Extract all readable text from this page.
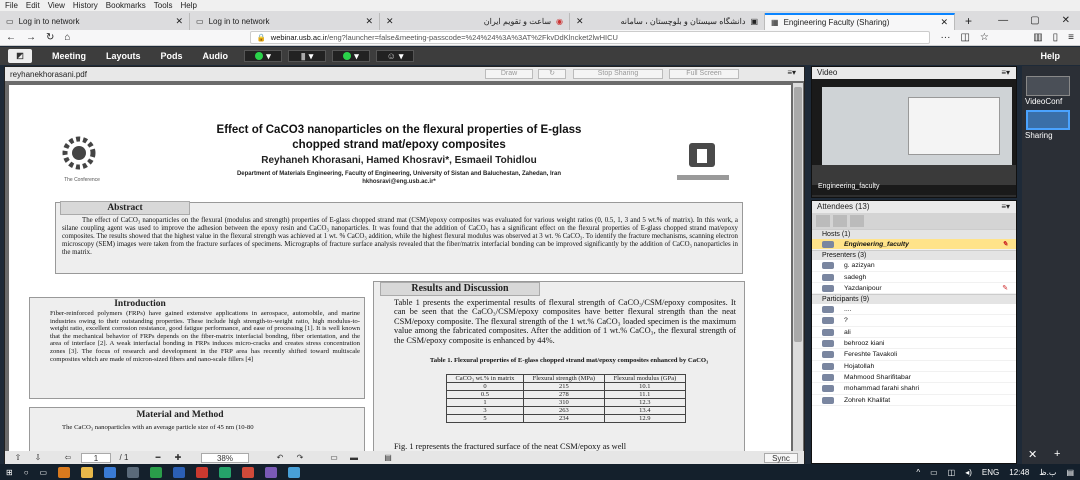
File Edit View History Bookmarks Tools Help
▭ Log in to network	✕ ▭ Log in to network	✕	◉
ساعت و تقویم ایران
✕	▣
دانشگاه سیستان و بلوچستان ، سامانه
✕	▦ Engineering Faculty (Sharing)	✕	+	— ▢ ✕
← → ↻ ⌂	🔒 webinar.usb.ac.ir/eng?launcher=false&meeting-passcode=%24%24%3A%3AT%2FkvDdKlncket2lwHICU	··· ◫ ☆	▥ ▯ ≡
◩	Meeting	Layouts	Pods	Audio	▾	▮ ▾	▾	☺ ▾	Help
reyhanekhorasani.pdf	Draw	↻	Stop Sharing	Full Screen	≡▾
The Conference
Effect of CaCO3 nanoparticles on the flexural properties of E-glass
chopped strand mat/epoxy composites
Reyhaneh Khorasani, Hamed Khosravi*, Esmaeil Tohidlou
Department of Materials Engineering, Faculty of Engineering, University of Sistan and Baluchestan, Zahedan, Iran
hkhosravi@eng.usb.ac.ir*
Abstract
The effect of CaCO₃ nanoparticles on the flexural (modulus and strength) properties of E-glass chopped strand mat (CSM)/epoxy composites was evaluated for various weight ratios (0, 0.5, 1, 3 and 5 wt.% of matrix). In this work, a silane coupling agent was used to improve the adhesion between the epoxy resin and CaCO₃ nanoparticles. It was found that the addition of CaCO₃ has a significant effect on the flexural properties of E-glass chopped strand mat/epoxy composites. The results showed that the highest value in the flexural strength was achieved at 1 wt. % CaCO₃ addition, while the highest flexural modulus was observed at 3 wt. % CaCO₃. To identify the fracture mechanisms, scanning electron microscopy (SEM) images were taken from the fracture surfaces of specimens. Micrographs of fracture surface analysis revealed that the fiber/matrix interfacial bonding can be improved significantly by the addition of CaCO₃ nanoparticles in the matrix.
Introduction
Fiber-reinforced polymers (FRPs) have gained extensive applications in aerospace, automobile, and marine industries owing to their outstanding properties. These include high strength-to-weight ratio, high modulus-to-weight ratio, excellent corrosion resistance, good fatigue performance, and ease of processing [1]. It is well known that the mechanical behavior of FRPs depends on the fiber-matrix interfacial bonding, fiber orientation, and the area of interface [2]. A weak interfacial bonding in FRPs induces micro-cracks and creates stress concentration zones [3]. The focus of research and development in the FRP area has recently shifted toward multiscale composites which are made of micron-sized fibers and nano-scale fillers [4]
Material and Method
The CaCO₃ nanoparticles with an average particle size of 45 nm (10-80
Results and Discussion
Table 1 presents the experimental results of flexural strength of CaCO₃/CSM/epoxy composites. It can be seen that the CaCO₃/CSM/epoxy composites have better flexural strength than the neat CSM/epoxy composite. The flexural strength of the 1 wt.% CaCO₃ loaded specimen is the maximum value among the fabricated composites. After the addition of 1 wt.% CaCO₃, the flexural strength of the CSM/epoxy composite is enhanced by 44%.
Table 1. Flexural properties of E-glass chopped strand mat/epoxy composites enhanced by CaCO₃
CaCO₃ wt.% in matrix	Flexural strength (MPa)	Flexural modulus (GPa)
0	215	10.1
0.5	278	11.1
1	310	12.3
3	263	13.4
5	234	12.9
Fig. 1 represents the fractured surface of the neat CSM/epoxy as well
⇧	⇩	⇦	1	/ 1	━	✚	38%	↶	↷	▭	▬	▤	Sync
Video	≡▾
Engineering_faculty
Attendees (13)	≡▾
Hosts (1)
Engineering_faculty	✎
Presenters (3)
g. azizyan
sadegh
Yazdanipour	✎
Participants (9)
....
?
ali
behrooz kiani
Fereshte Tavakoli
Hojatollah
Mahmood Sharifitabar
mohammad farahi shahri
Zohreh Khalifat
VideoConf
Sharing
✕ +
⊞ ○ ▭	^ ▭ ◫ ◂) ENG 12:48 ب.ظ ▤
